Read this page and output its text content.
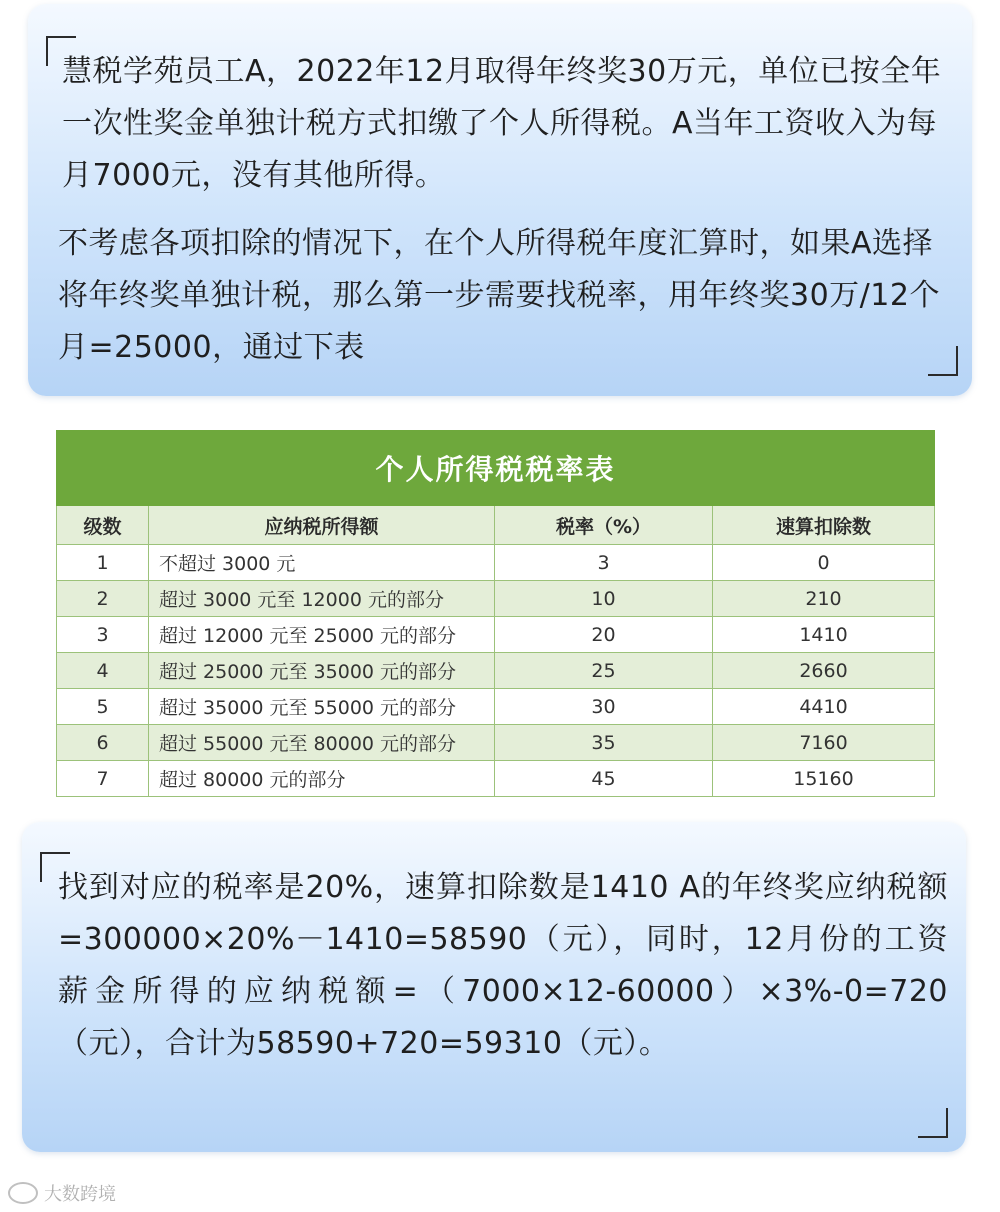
慧税学苑员工A，2022年12月取得年终奖30万元，单位已按全年一次性奖金单独计税方式扣缴了个人所得税。A当年工资收入为每月7000元，没有其他所得。

不考虑各项扣除的情况下，在个人所得税年度汇算时，如果A选择将年终奖单独计税，那么第一步需要找税率，用年终奖30万/12个月=25000，通过下表

个人所得税税率表			
级数	应纳税所得额	税率（%）	速算扣除数
1	不超过 3000 元	3	0
2	超过 3000 元至 12000 元的部分	10	210
3	超过 12000 元至 25000 元的部分	20	1410
4	超过 25000 元至 35000 元的部分	25	2660
5	超过 35000 元至 55000 元的部分	30	4410
6	超过 55000 元至 80000 元的部分	35	7160
7	超过 80000 元的部分	45	15160

找到对应的税率是20%，速算扣除数是1410 A的年终奖应纳税额=300000×20%－1410=58590（元），同时，12月份的工资薪金所得的应纳税额=（7000×12-60000）×3%-0=720（元），合计为58590+720=59310（元）。

大数跨境
